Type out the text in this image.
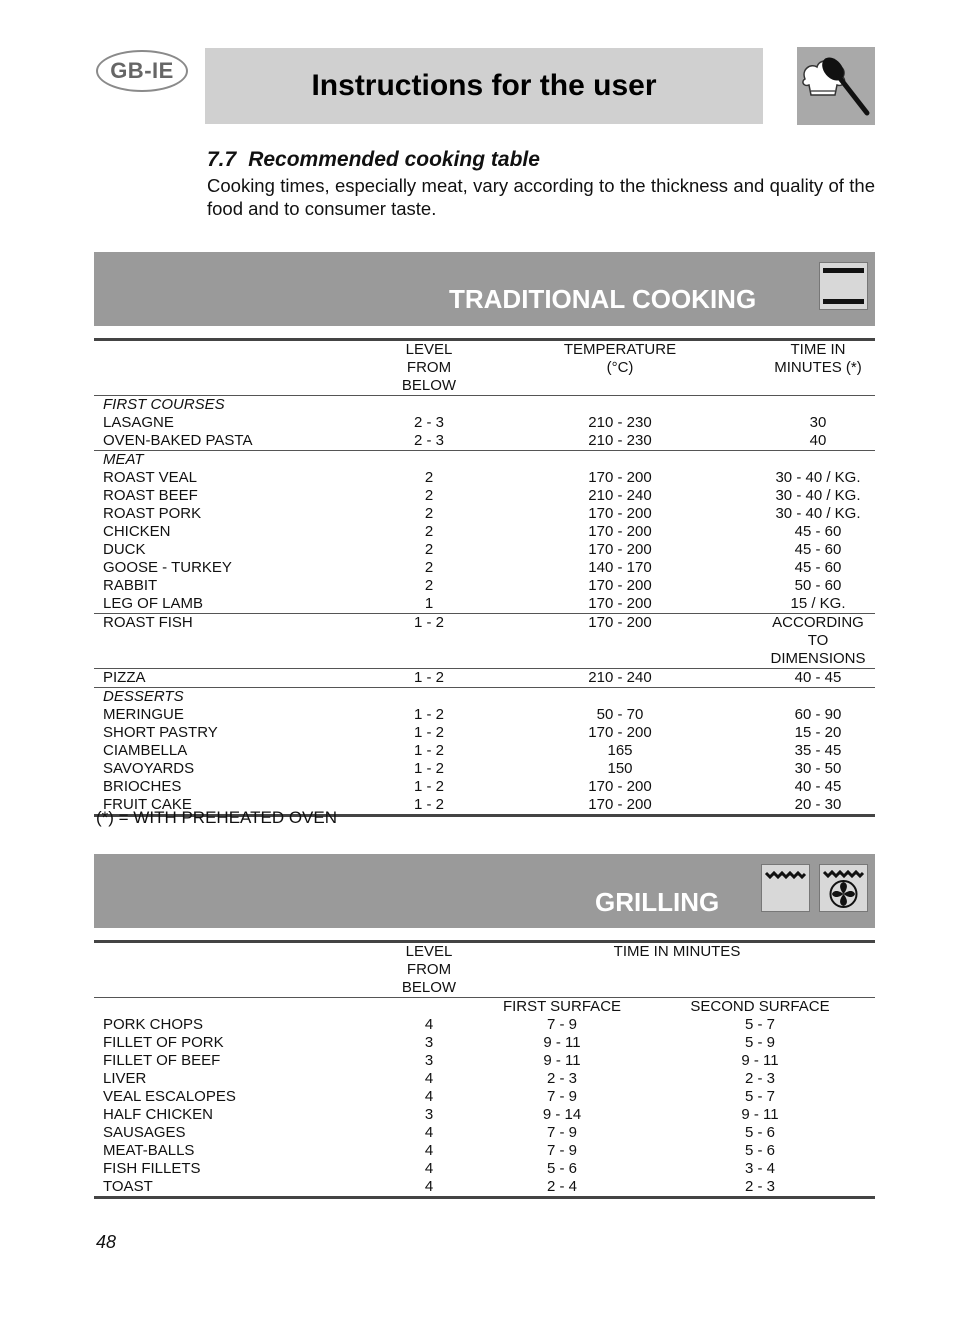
GB-IE	Instructions for the user
7.7 Recommended cooking table
Cooking times, especially meat, vary according to the thickness and quality of the food and to consumer taste.
TRADITIONAL COOKING
	LEVEL	TEMPERATURE	TIME IN
	FROM BELOW	(°C)	MINUTES (*)
FIRST COURSES			
LASAGNE	2 - 3	210 - 230	30
OVEN-BAKED PASTA	2 - 3	210 - 230	40
MEAT			
ROAST VEAL	2	170 - 200	30 - 40 / KG.
ROAST BEEF	2	210 - 240	30 - 40 / KG.
ROAST PORK	2	170 - 200	30 - 40 / KG.
CHICKEN	2	170 - 200	45 - 60
DUCK	2	170 - 200	45 - 60
GOOSE - TURKEY	2	140 - 170	45 - 60
RABBIT	2	170 - 200	50 - 60
LEG OF LAMB	1	170 - 200	15 / KG.
ROAST FISH	1 - 2	170 - 200	ACCORDING TO
			DIMENSIONS
PIZZA	1 - 2	210 - 240	40 - 45
DESSERTS			
MERINGUE	1 - 2	50 - 70	60 - 90
SHORT PASTRY	1 - 2	170 - 200	15 - 20
CIAMBELLA	1 - 2	165	35 - 45
SAVOYARDS	1 - 2	150	30 - 50
BRIOCHES	1 - 2	170 - 200	40 - 45
FRUIT CAKE	1 - 2	170 - 200	20 - 30
(*) = WITH PREHEATED OVEN
GRILLING
	LEVEL	TIME IN MINUTES	
	FROM BELOW		
		FIRST SURFACE	SECOND SURFACE
PORK CHOPS	4	7 - 9	5 - 7
FILLET OF PORK	3	9 - 11	5 - 9
FILLET OF BEEF	3	9 - 11	9 - 11
LIVER	4	2 - 3	2 - 3
VEAL ESCALOPES	4	7 - 9	5 - 7
HALF CHICKEN	3	9 - 14	9 - 11
SAUSAGES	4	7 - 9	5 - 6
MEAT-BALLS	4	7 - 9	5 - 6
FISH FILLETS	4	5 - 6	3 - 4
TOAST	4	2 - 4	2 - 3
48
